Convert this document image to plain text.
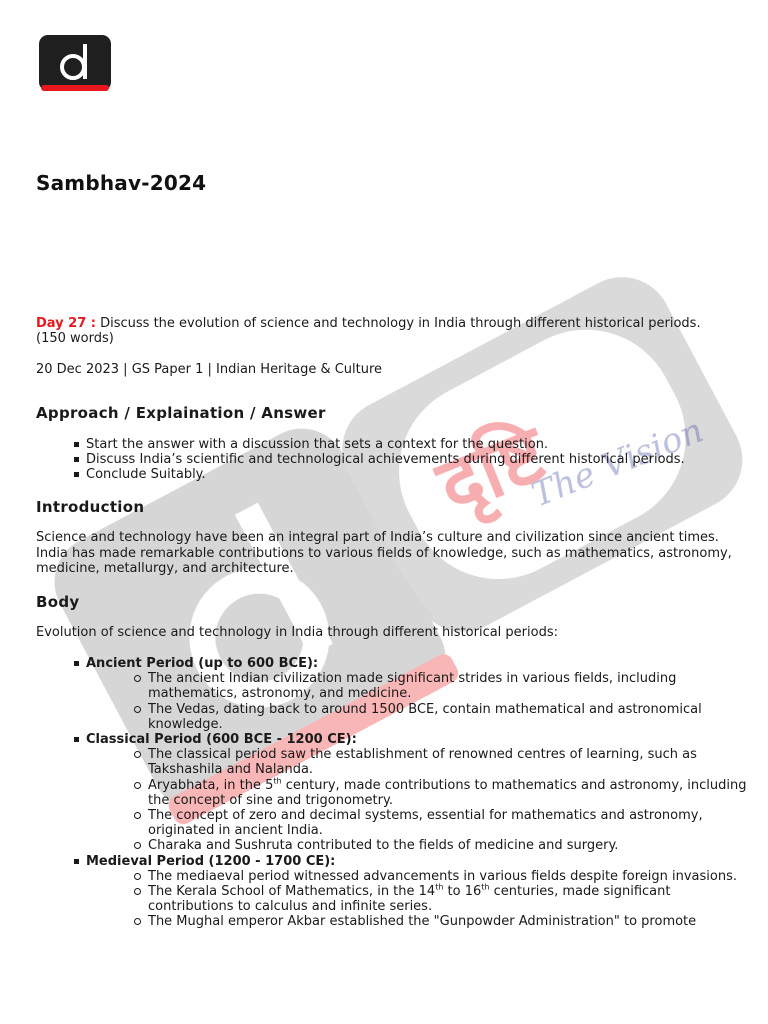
दृष्टि
The Vision
Sambhav-2024
Day 27 : Discuss the evolution of science and technology in India through different historical periods. (150 words)
20 Dec 2023 | GS Paper 1 | Indian Heritage & Culture
Approach / Explaination / Answer
Start the answer with a discussion that sets a context for the question.
Discuss India’s scientific and technological achievements during different historical periods.
Conclude Suitably.
Introduction

Science and technology have been an integral part of India’s culture and civilization since ancient times. India has made remarkable contributions to various fields of knowledge, such as mathematics, astronomy, medicine, metallurgy, and architecture.

Body

Evolution of science and technology in India through different historical periods:

Ancient Period (up to 600 BCE):
The ancient Indian civilization made significant strides in various fields, including mathematics, astronomy, and medicine.
The Vedas, dating back to around 1500 BCE, contain mathematical and astronomical knowledge.
Classical Period (600 BCE - 1200 CE):
The classical period saw the establishment of renowned centres of learning, such as Takshashila and Nalanda.
Aryabhata, in the 5th century, made contributions to mathematics and astronomy, including the concept of sine and trigonometry.
The concept of zero and decimal systems, essential for mathematics and astronomy, originated in ancient India.
Charaka and Sushruta contributed to the fields of medicine and surgery.
Medieval Period (1200 - 1700 CE):
The mediaeval period witnessed advancements in various fields despite foreign invasions.
The Kerala School of Mathematics, in the 14th to 16th centuries, made significant contributions to calculus and infinite series.
The Mughal emperor Akbar established the "Gunpowder Administration" to promote
